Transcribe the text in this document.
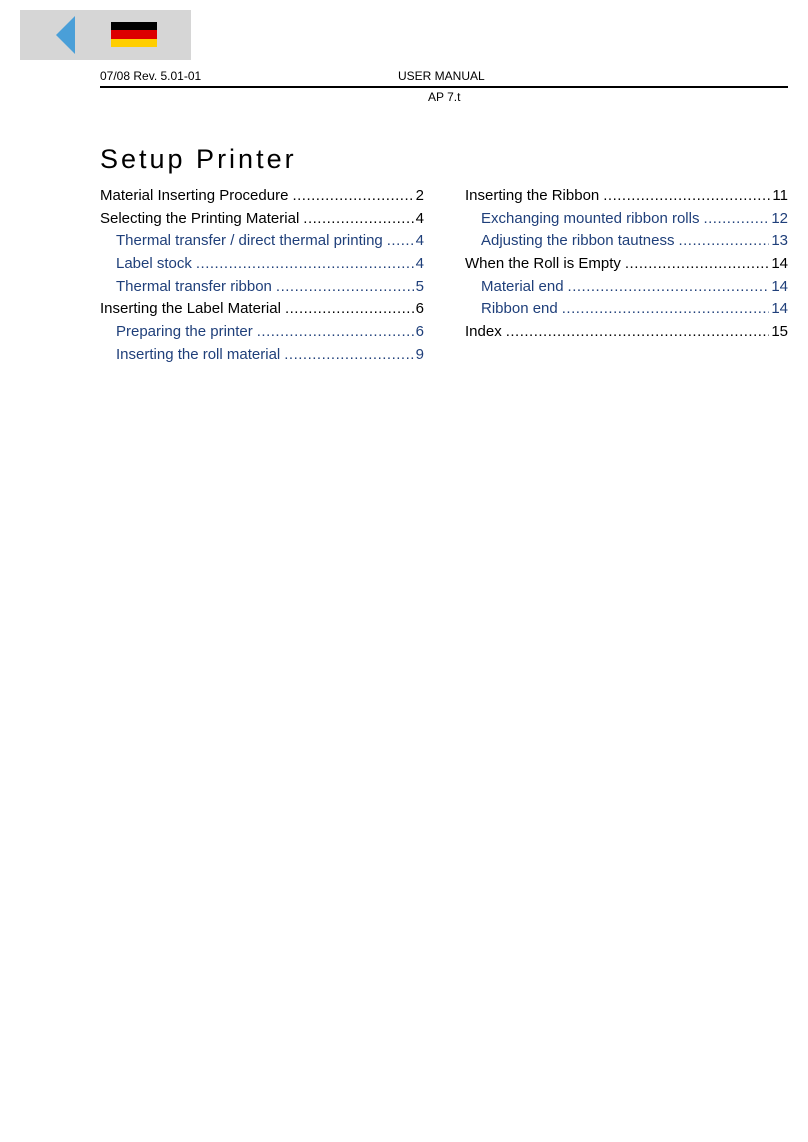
07/08 Rev. 5.01-01	USER MANUAL
AP 7.t
Setup Printer
Material Inserting Procedure .....	2
Selecting the Printing Material .....	4
Thermal transfer / direct thermal printing ..... 4
Label stock .....	4
Thermal transfer ribbon .....	5
Inserting the Label Material .....	6
Preparing the printer .....	6
Inserting the roll material .....	9
Inserting the Ribbon .....	11
Exchanging mounted ribbon rolls .....	12
Adjusting the ribbon tautness .....	13
When the Roll is Empty .....	14
Material end .....	14
Ribbon end .....	14
Index .....	15
